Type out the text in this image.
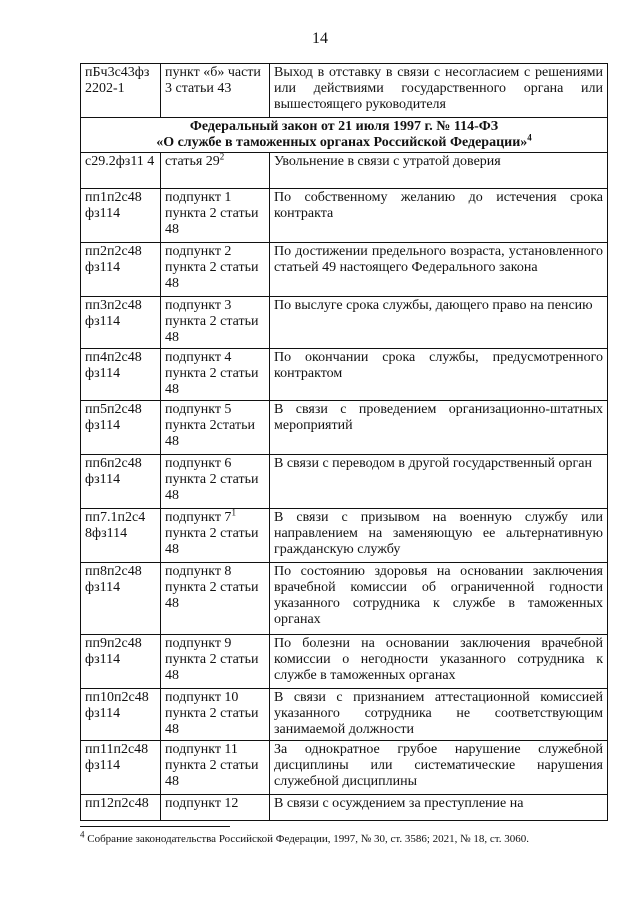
14
пБч3с43фз 2202-1	пункт «б» части 3 статьи 43	Выход в отставку в связи с несогласием с решениями или действиями государственного органа или вышестоящего руководителя
Федеральный закон от 21 июля 1997 г. № 114-ФЗ
«О службе в таможенных органах Российской Федерации»$^4$
с29.2фз11 4	статья $29^2$	Увольнение в связи с утратой доверия
пп1п2с48 фз114	подпункт 1 пункта 2 статьи 48	По собственному желанию до истечения срока контракта
пп2п2с48 фз114	подпункт 2 пункта 2 статьи 48	По достижении предельного возраста, установленного статьей 49 настоящего Федерального закона
пп3п2с48 фз114	подпункт 3 пункта 2 статьи 48	По выслуге срока службы, дающего право на пенсию
пп4п2с48 фз114	подпункт 4 пункта 2 статьи 48	По окончании срока службы, предусмотренного контрактом
пп5п2с48 фз114	подпункт 5 пункта 2статьи 48	В связи с проведением организационно-штатных мероприятий
пп6п2с48 фз114	подпункт 6 пункта 2 статьи 48	В связи с переводом в другой государственный орган
пп7.1п2с4 8фз114	подпункт $7^1$ пункта 2 статьи 48	В связи с призывом на военную службу или направлением на заменяющую ее альтернативную гражданскую службу
пп8п2с48 фз114	подпункт 8 пункта 2 статьи 48	По состоянию здоровья на основании заключения врачебной комиссии об ограниченной годности указанного сотрудника к службе в таможенных органах
пп9п2с48 фз114	подпункт 9 пункта 2 статьи 48	По болезни на основании заключения врачебной комиссии о негодности указанного сотрудника к службе в таможенных органах
пп10п2с48 фз114	подпункт 10 пункта 2 статьи 48	В связи с признанием аттестационной комиссией указанного сотрудника не соответствующим занимаемой должности
пп11п2с48 фз114	подпункт 11 пункта 2 статьи 48	За однократное грубое нарушение служебной дисциплины или систематические нарушения служебной дисциплины
пп12п2с48	подпункт 12	В связи с осуждением за преступление на
$^4$ Собрание законодательства Российской Федерации, 1997, № 30, ст. 3586; 2021, № 18, ст. 3060.
